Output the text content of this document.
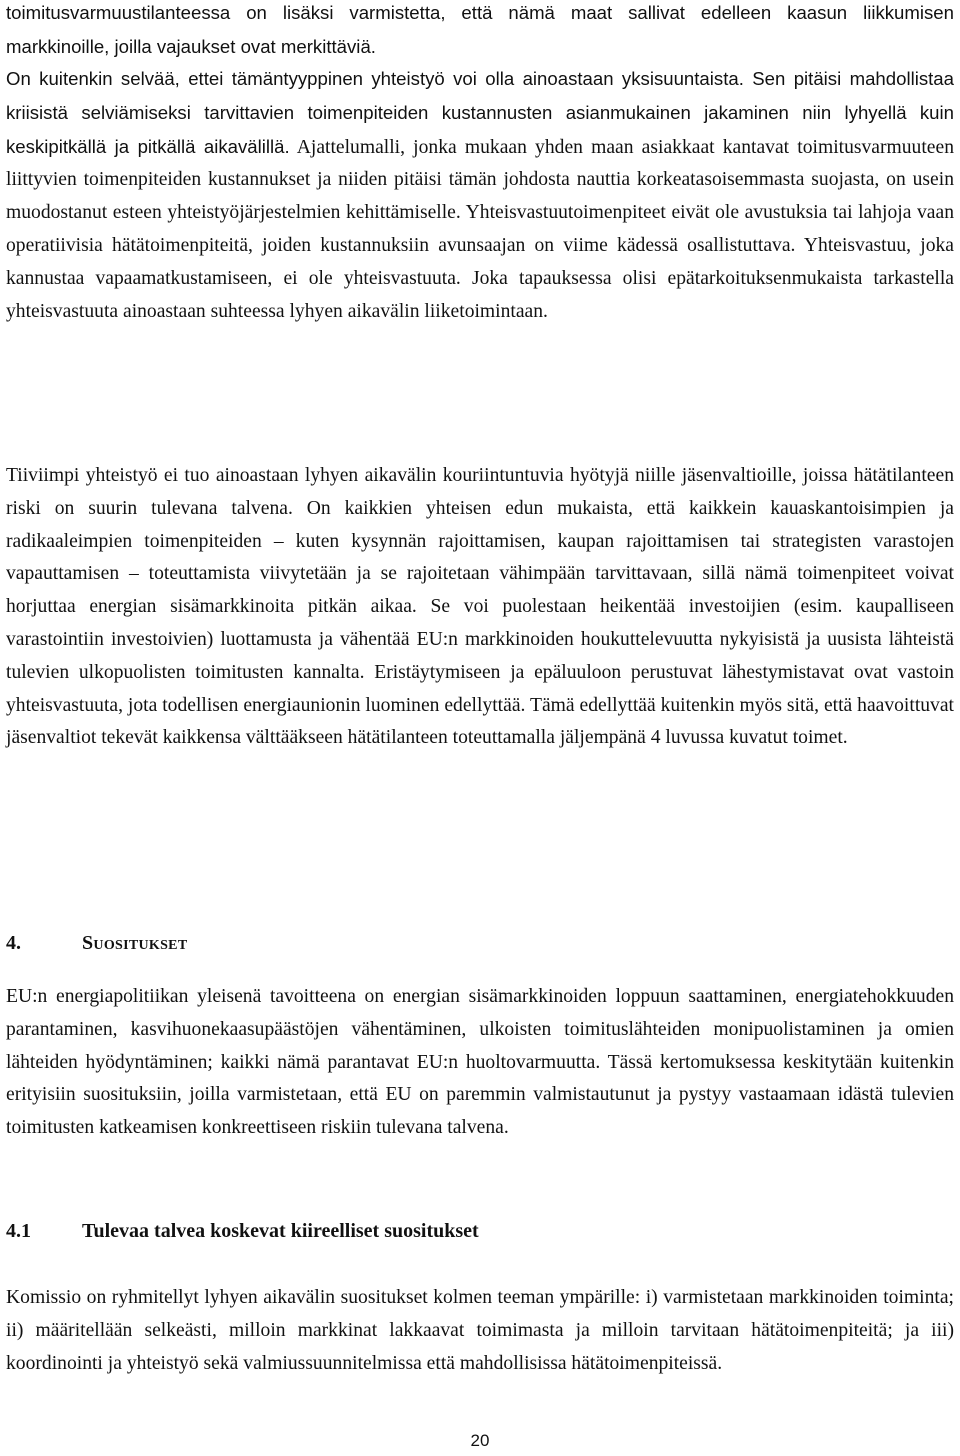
toimitusvarmuustilanteessa on lisäksi varmistetta, että nämä maat sallivat edelleen kaasun liikkumisen markkinoille, joilla vajaukset ovat merkittäviä.

On kuitenkin selvää, ettei tämäntyyppinen yhteistyö voi olla ainoastaan yksisuuntaista. Sen pitäisi mahdollistaa kriisistä selviämiseksi tarvittavien toimenpiteiden kustannusten asianmukainen jakaminen niin lyhyellä kuin keskipitkällä ja pitkällä aikavälillä. Ajattelumalli, jonka mukaan yhden maan asiakkaat kantavat toimitusvarmuuteen liittyvien toimenpiteiden kustannukset ja niiden pitäisi tämän johdosta nauttia korkeatasoisemmasta suojasta, on usein muodostanut esteen yhteistyöjärjestelmien kehittämiselle. Yhteisvastuutoimenpiteet eivät ole avustuksia tai lahjoja vaan operatiivisia hätätoimenpiteitä, joiden kustannuksiin avunsaajan on viime kädessä osallistuttava. Yhteisvastuu, joka kannustaa vapaamatkustamiseen, ei ole yhteisvastuuta. Joka tapauksessa olisi epätarkoituksenmukaista tarkastella yhteisvastuuta ainoastaan suhteessa lyhyen aikavälin liiketoimintaan.

Tiiviimpi yhteistyö ei tuo ainoastaan lyhyen aikavälin kouriintuntuvia hyötyjä niille jäsenvaltioille, joissa hätätilanteen riski on suurin tulevana talvena. On kaikkien yhteisen edun mukaista, että kaikkein kauaskantoisimpien ja radikaaleimpien toimenpiteiden – kuten kysynnän rajoittamisen, kaupan rajoittamisen tai strategisten varastojen vapauttamisen – toteuttamista viivytetään ja se rajoitetaan vähimpään tarvittavaan, sillä nämä toimenpiteet voivat horjuttaa energian sisämarkkinoita pitkän aikaa. Se voi puolestaan heikentää investoijien (esim. kaupalliseen varastointiin investoivien) luottamusta ja vähentää EU:n markkinoiden houkuttelevuutta nykyisistä ja uusista lähteistä tulevien ulkopuolisten toimitusten kannalta. Eristäytymiseen ja epäluuloon perustuvat lähestymistavat ovat vastoin yhteisvastuuta, jota todellisen energiaunionin luominen edellyttää. Tämä edellyttää kuitenkin myös sitä, että haavoittuvat jäsenvaltiot tekevät kaikkensa välttääkseen hätätilanteen toteuttamalla jäljempänä 4 luvussa kuvatut toimet.

4.	Suositukset

EU:n energiapolitiikan yleisenä tavoitteena on energian sisämarkkinoiden loppuun saattaminen, energiatehokkuuden parantaminen, kasvihuonekaasupäästöjen vähentäminen, ulkoisten toimituslähteiden monipuolistaminen ja omien lähteiden hyödyntäminen; kaikki nämä parantavat EU:n huoltovarmuutta. Tässä kertomuksessa keskitytään kuitenkin erityisiin suosituksiin, joilla varmistetaan, että EU on paremmin valmistautunut ja pystyy vastaamaan idästä tulevien toimitusten katkeamisen konkreettiseen riskiin tulevana talvena.

4.1	Tulevaa talvea koskevat kiireelliset suositukset

Komissio on ryhmitellyt lyhyen aikavälin suositukset kolmen teeman ympärille: i) varmistetaan markkinoiden toiminta; ii) määritellään selkeästi, milloin markkinat lakkaavat toimimasta ja milloin tarvitaan hätätoimenpiteitä; ja iii) koordinointi ja yhteistyö sekä valmiussuunnitelmissa että mahdollisissa hätätoimenpiteissä.

20
